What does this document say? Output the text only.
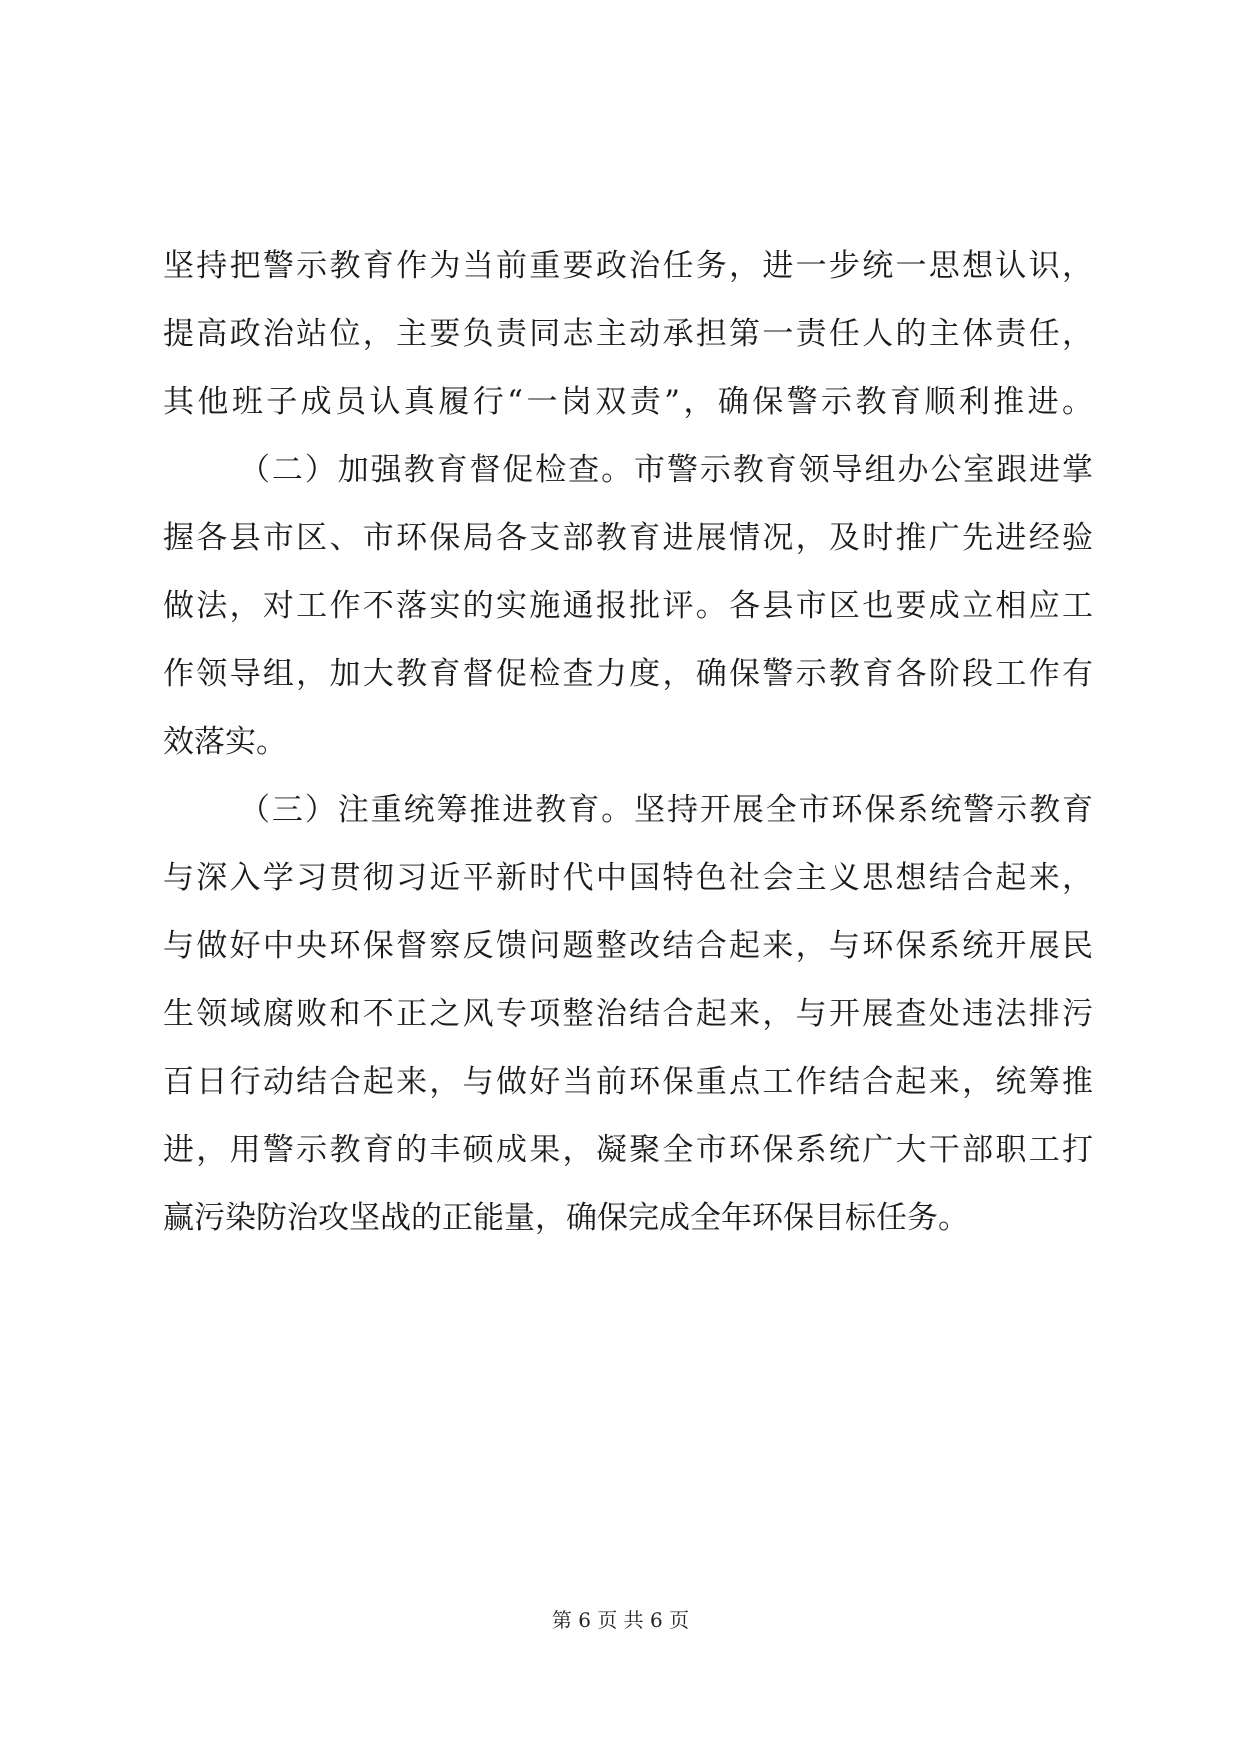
坚持把警示教育作为当前重要政治任务，进一步统一思想认识，
提高政治站位，主要负责同志主动承担第一责任人的主体责任，
其他班子成员认真履行“一岗双责”，确保警示教育顺利推进。
（二）加强教育督促检查。市警示教育领导组办公室跟进掌
握各县市区、市环保局各支部教育进展情况，及时推广先进经验
做法，对工作不落实的实施通报批评。各县市区也要成立相应工
作领导组，加大教育督促检查力度，确保警示教育各阶段工作有
效落实。
（三）注重统筹推进教育。坚持开展全市环保系统警示教育
与深入学习贯彻习近平新时代中国特色社会主义思想结合起来，
与做好中央环保督察反馈问题整改结合起来，与环保系统开展民
生领域腐败和不正之风专项整治结合起来，与开展查处违法排污
百日行动结合起来，与做好当前环保重点工作结合起来，统筹推
进，用警示教育的丰硕成果，凝聚全市环保系统广大干部职工打
赢污染防治攻坚战的正能量，确保完成全年环保目标任务。
第 6 页 共 6 页
